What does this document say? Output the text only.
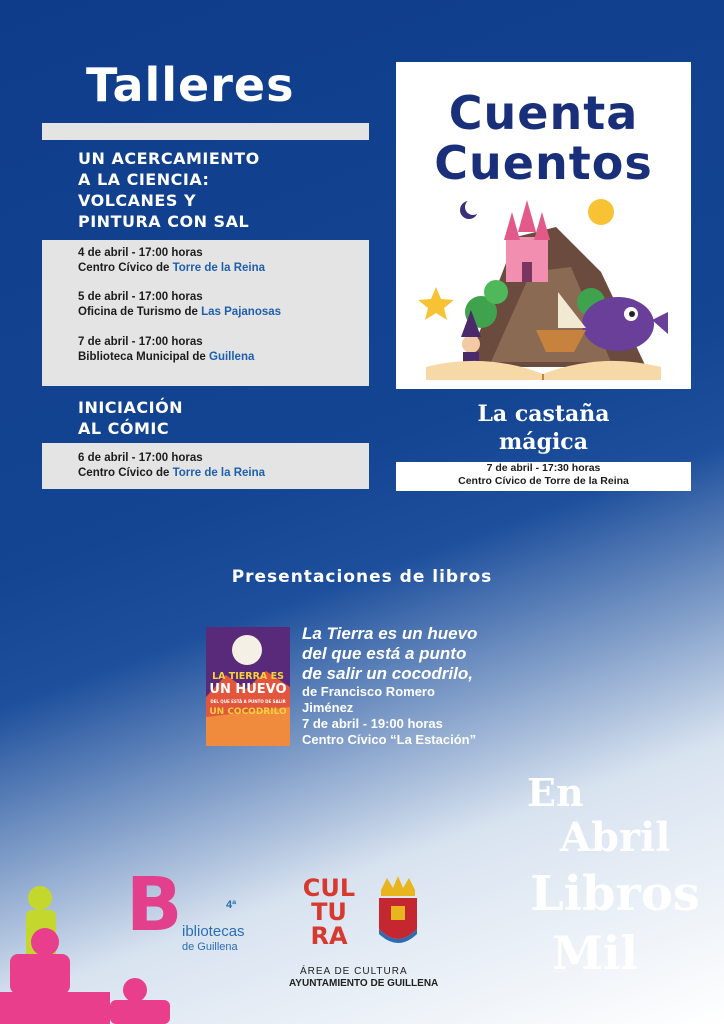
Talleres
UN ACERCAMIENTO
A LA CIENCIA:
VOLCANES Y
PINTURA CON SAL
4 de abril - 17:00 horas
Centro Cívico de Torre de la Reina
5 de abril - 17:00 horas
Oficina de Turismo de Las Pajanosas
7 de abril - 17:00 horas
Biblioteca Municipal de Guillena
INICIACIÓN
AL CÓMIC
6 de abril - 17:00 horas
Centro Cívico de Torre de la Reina
Cuenta
Cuentos
La castaña
mágica
7 de abril - 17:30 horas
Centro Cívico de Torre de la Reina
Presentaciones de libros
LA TIERRA ES
UN HUEVO
DEL QUE ESTÁ A PUNTO DE SALIR
UN COCODRILO
La Tierra es un huevo
del que está a punto
de salir un cocodrilo,
de Francisco Romero
Jiménez
7 de abril - 19:00 horas
Centro Cívico “La Estación”
En
Abril
Libros
Mil
B ibliotecas
de Guillena
4ª
CUL
TU
RA
ÁREA DE CULTURA
AYUNTAMIENTO DE GUILLENA
